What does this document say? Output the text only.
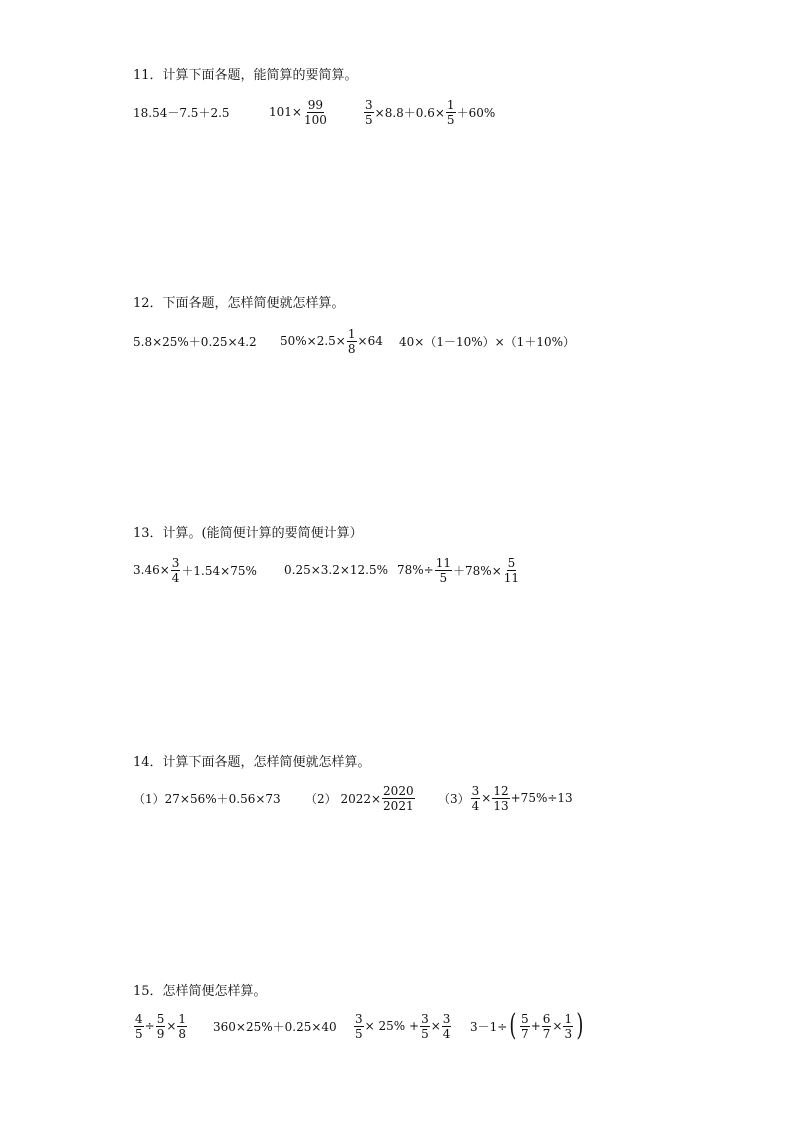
11．计算下面各题，能简算的要简算。
18.54－7.5＋2.5	$101\times \frac{99}{100}$	$\frac{3}{5} \times 8.8+0.6\times \frac{1}{5} +60\%$
12．下面各题，怎样简便就怎样算。
5.8×25%＋0.25×4.2 $50\%\times 2.5\times \frac{1}{8} \times 64$ 40×（1－10%）×（1＋10%）
13．计算。(能简便计算的要简便计算）
$3.46\times \frac{3}{4} +1.54\times 75\%$ 0.25×3.2×12.5% $78\%\div \frac{11}{5} +78\%\times \frac{5}{11}$
14．计算下面各题，怎样简便就怎样算。
（1）27×56%＋0.56×73 （2） $2022\times \frac{2020}{2021} (3) \frac{3}{4} \times \frac{12}{13} +75\%\div 13$
15．怎样简便怎样算。
$\frac{4}{5} \div \frac{5}{9} \times \frac{1}{8} 360\times 25\%+0.25\times 40 \frac{3}{5} \times 25\% + \frac{3}{5} \times \frac{3}{4} 3-1\div$ ( $\frac{5}{7} + \frac{6}{7} \times \frac{1}{3}$ )
